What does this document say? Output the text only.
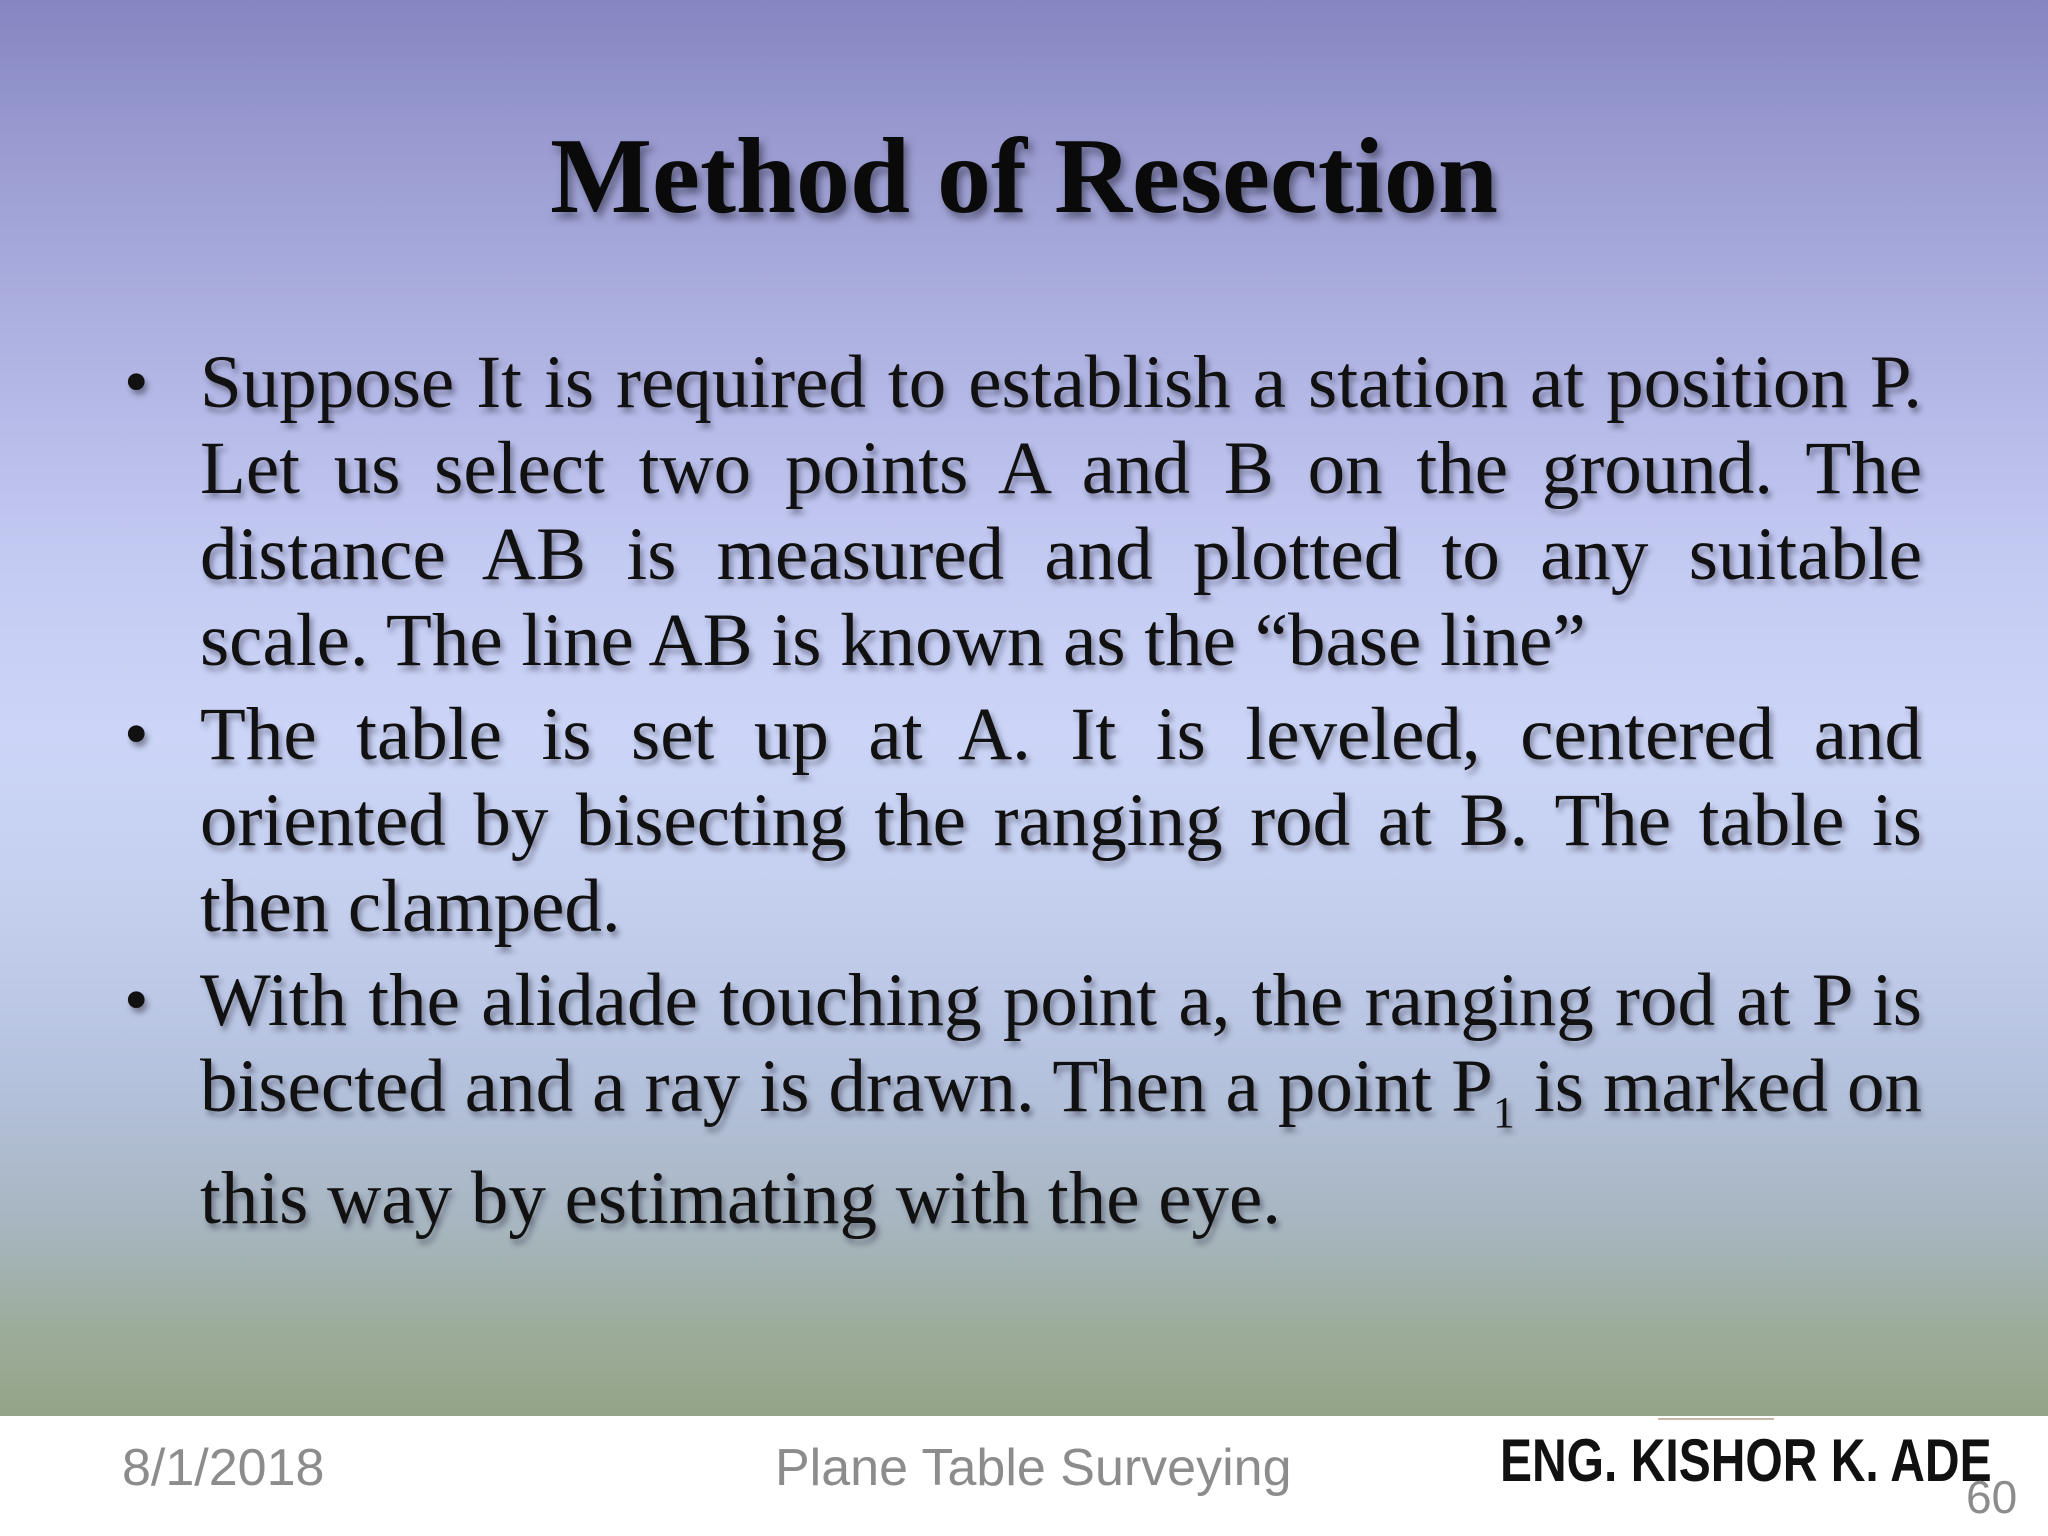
Method of Resection
• Suppose It is required to establish a station at position P. Let us select two points A and B on the ground. The distance AB is measured and plotted to any suitable scale. The line AB is known as the “base line”
• The table is set up at A. It is leveled, centered and oriented by bisecting the ranging rod at B. The table is then clamped.
• With the alidade touching point a, the ranging rod at P is bisected and a ray is drawn. Then a point $P_1$ is marked on this way by estimating with the eye.
8/1/2018	Plane Table Surveying	ENG. KISHOR K. ADE
60
